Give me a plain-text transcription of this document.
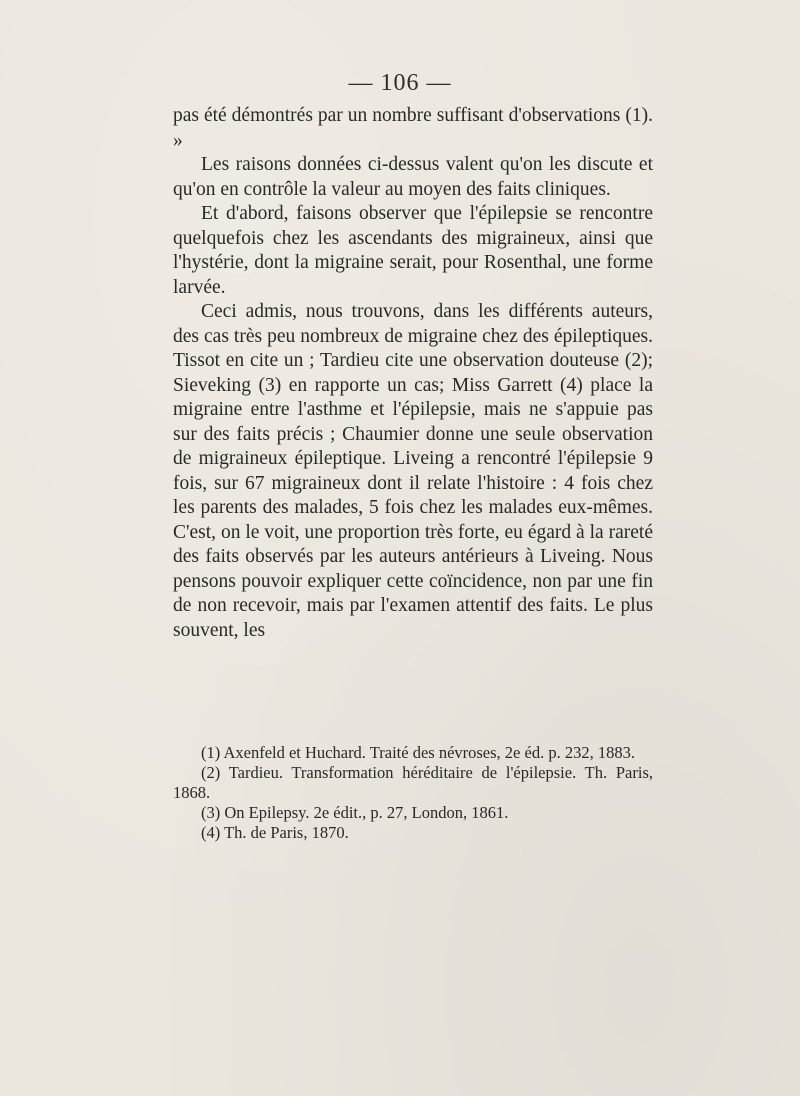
— 106 —

pas été démontrés par un nombre suffisant d'observations (1). »

Les raisons données ci-dessus valent qu'on les discute et qu'on en contrôle la valeur au moyen des faits cliniques.

Et d'abord, faisons observer que l'épilepsie se rencontre quelquefois chez les ascendants des migraineux, ainsi que l'hystérie, dont la migraine serait, pour Rosenthal, une forme larvée.

Ceci admis, nous trouvons, dans les différents auteurs, des cas très peu nombreux de migraine chez des épileptiques. Tissot en cite un ; Tardieu cite une observation douteuse (2); Sieveking (3) en rapporte un cas; Miss Garrett (4) place la migraine entre l'asthme et l'épilepsie, mais ne s'appuie pas sur des faits précis ; Chaumier donne une seule observation de migraineux épileptique. Liveing a rencontré l'épilepsie 9 fois, sur 67 migraineux dont il relate l'histoire : 4 fois chez les parents des malades, 5 fois chez les malades eux-mêmes. C'est, on le voit, une proportion très forte, eu égard à la rareté des faits observés par les auteurs antérieurs à Liveing. Nous pensons pouvoir expliquer cette coïncidence, non par une fin de non recevoir, mais par l'examen attentif des faits. Le plus souvent, les

(1) Axenfeld et Huchard. Traité des névroses, 2e éd. p. 232, 1883.

(2) Tardieu. Transformation héréditaire de l'épilepsie. Th. Paris, 1868.

(3) On Epilepsy. 2e édit., p. 27, London, 1861.

(4) Th. de Paris, 1870.
